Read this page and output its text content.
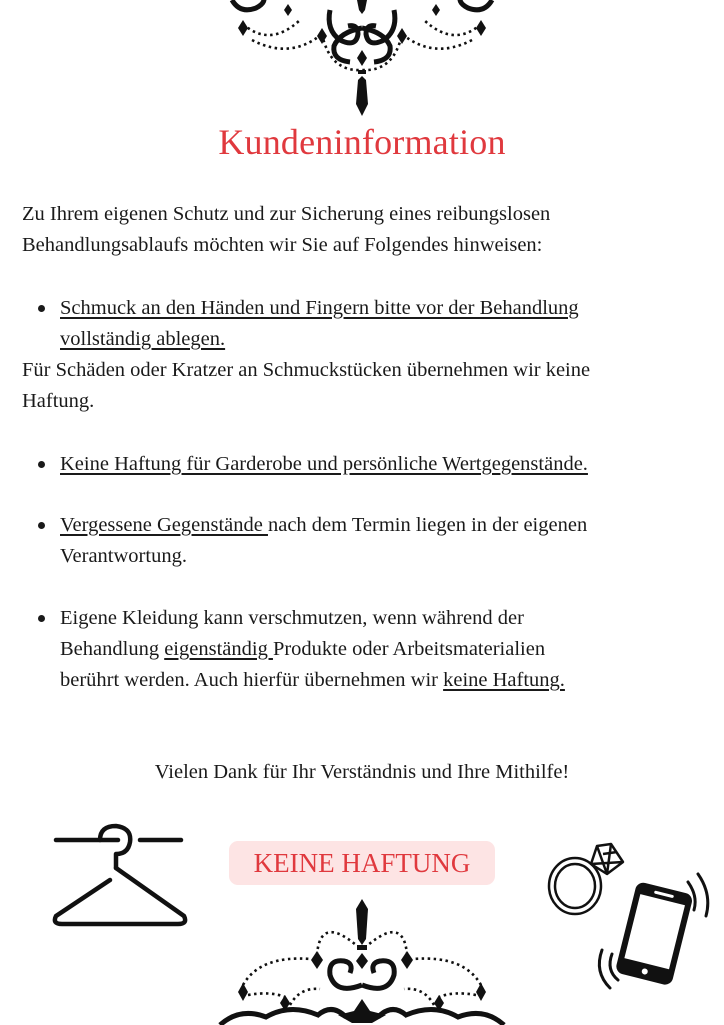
Kundeninformation
Zu Ihrem eigenen Schutz und zur Sicherung eines reibungslosen
Behandlungsablaufs möchten wir Sie auf Folgendes hinweisen:
Schmuck an den Händen und Fingern bitte vor der Behandlung
vollständig ablegen.
Für Schäden oder Kratzer an Schmuckstücken übernehmen wir keine
Haftung.
Keine Haftung für Garderobe und persönliche Wertgegenstände.
Vergessene Gegenstände nach dem Termin liegen in der eigenen
Verantwortung.
Eigene Kleidung kann verschmutzen, wenn während der
Behandlung eigenständig Produkte oder Arbeitsmaterialien
berührt werden. Auch hierfür übernehmen wir keine Haftung.
Vielen Dank für Ihr Verständnis und Ihre Mithilfe!
KEINE HAFTUNG
